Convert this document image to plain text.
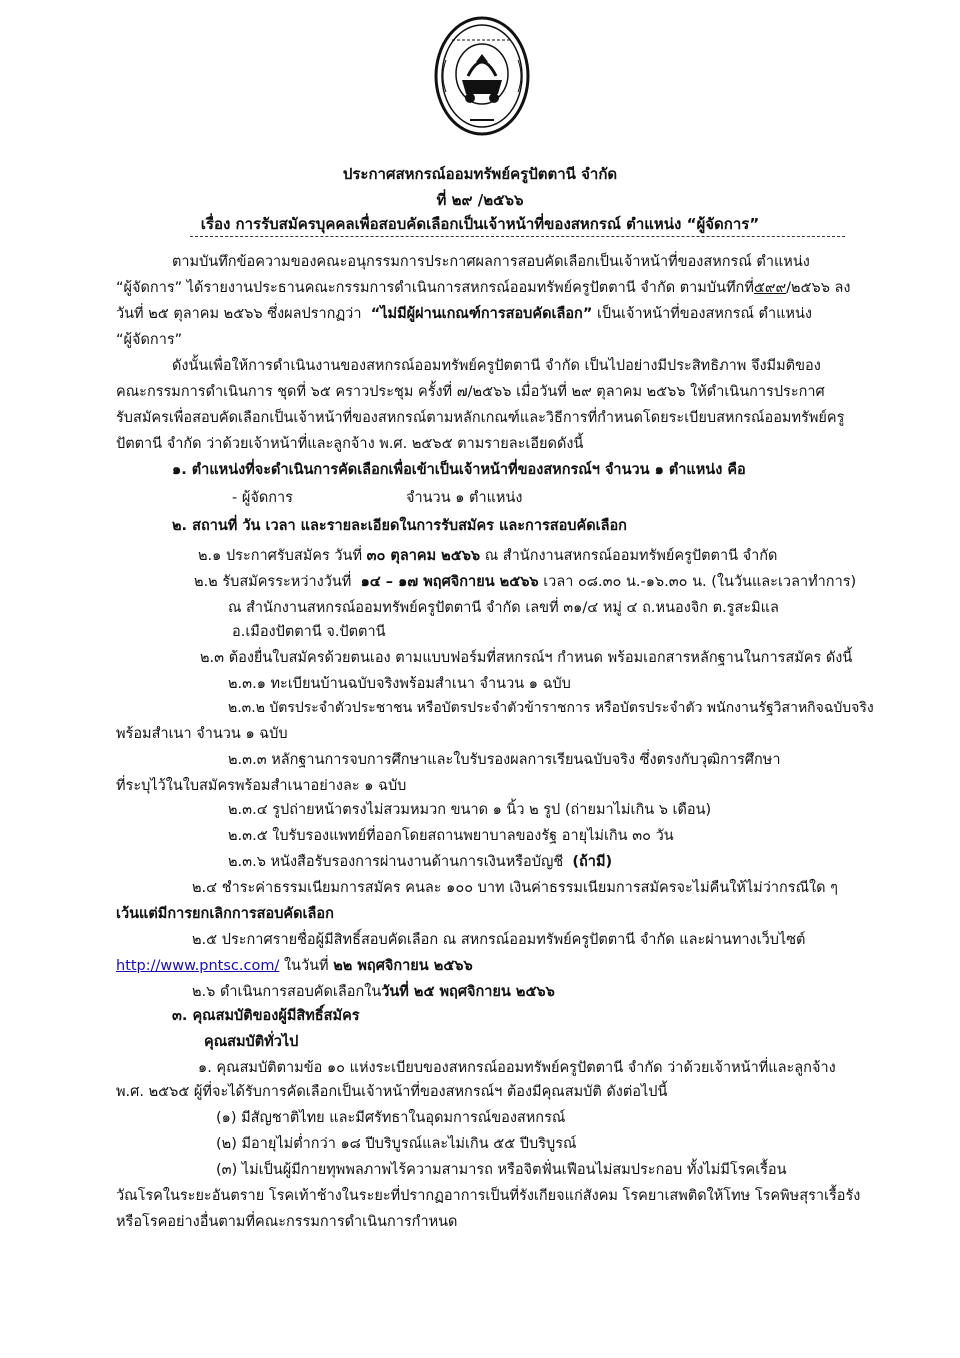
ประกาศสหกรณ์ออมทรัพย์ครูปัตตานี จำกัด
ที่ ๒๙ /๒๕๖๖
เรื่อง การรับสมัครบุคคลเพื่อสอบคัดเลือกเป็นเจ้าหน้าที่ของสหกรณ์ ตำแหน่ง “ผู้จัดการ”
ตามบันทึกข้อความของคณะอนุกรรมการประกาศผลการสอบคัดเลือกเป็นเจ้าหน้าที่ของสหกรณ์ ตำแหน่ง
“ผู้จัดการ” ได้รายงานประธานคณะกรรมการดำเนินการสหกรณ์ออมทรัพย์ครูปัตตานี จำกัด ตามบันทึกที่๕๙๙/๒๕๖๖ ลง
วันที่ ๒๕ ตุลาคม ๒๕๖๖ ซึ่งผลปรากฏว่า “ไม่มีผู้ผ่านเกณฑ์การสอบคัดเลือก” เป็นเจ้าหน้าที่ของสหกรณ์ ตำแหน่ง
“ผู้จัดการ”
ดังนั้นเพื่อให้การดำเนินงานของสหกรณ์ออมทรัพย์ครูปัตตานี จำกัด เป็นไปอย่างมีประสิทธิภาพ จึงมีมติของ
คณะกรรมการดำเนินการ ชุดที่ ๖๕ คราวประชุม ครั้งที่ ๗/๒๕๖๖ เมื่อวันที่ ๒๙ ตุลาคม ๒๕๖๖ ให้ดำเนินการประกาศ
รับสมัครเพื่อสอบคัดเลือกเป็นเจ้าหน้าที่ของสหกรณ์ตามหลักเกณฑ์และวิธีการที่กำหนดโดยระเบียบสหกรณ์ออมทรัพย์ครู
ปัตตานี จำกัด ว่าด้วยเจ้าหน้าที่และลูกจ้าง พ.ศ. ๒๕๖๕ ตามรายละเอียดดังนี้
๑. ตำแหน่งที่จะดำเนินการคัดเลือกเพื่อเข้าเป็นเจ้าหน้าที่ของสหกรณ์ฯ จำนวน ๑ ตำแหน่ง คือ
- ผู้จัดการ	จำนวน ๑ ตำแหน่ง
๒. สถานที่ วัน เวลา และรายละเอียดในการรับสมัคร และการสอบคัดเลือก
๒.๑ ประกาศรับสมัคร วันที่ ๓๐ ตุลาคม ๒๕๖๖ ณ สำนักงานสหกรณ์ออมทรัพย์ครูปัตตานี จำกัด
๒.๒ รับสมัครระหว่างวันที่ ๑๔ – ๑๗ พฤศจิกายน ๒๕๖๖ เวลา ๐๘.๓๐ น.-๑๖.๓๐ น. (ในวันและเวลาทำการ)
ณ สำนักงานสหกรณ์ออมทรัพย์ครูปัตตานี จำกัด เลขที่ ๓๑/๔ หมู่ ๔ ถ.หนองจิก ต.รูสะมิแล
อ.เมืองปัตตานี จ.ปัตตานี
๒.๓ ต้องยื่นใบสมัครด้วยตนเอง ตามแบบฟอร์มที่สหกรณ์ฯ กำหนด พร้อมเอกสารหลักฐานในการสมัคร ดังนี้
๒.๓.๑ ทะเบียนบ้านฉบับจริงพร้อมสำเนา จำนวน ๑ ฉบับ
๒.๓.๒ บัตรประจำตัวประชาชน หรือบัตรประจำตัวข้าราชการ หรือบัตรประจำตัว พนักงานรัฐวิสาหกิจฉบับจริง
พร้อมสำเนา จำนวน ๑ ฉบับ
๒.๓.๓ หลักฐานการจบการศึกษาและใบรับรองผลการเรียนฉบับจริง ซึ่งตรงกับวุฒิการศึกษา
ที่ระบุไว้ในใบสมัครพร้อมสำเนาอย่างละ ๑ ฉบับ
๒.๓.๔ รูปถ่ายหน้าตรงไม่สวมหมวก ขนาด ๑ นิ้ว ๒ รูป (ถ่ายมาไม่เกิน ๖ เดือน)
๒.๓.๕ ใบรับรองแพทย์ที่ออกโดยสถานพยาบาลของรัฐ อายุไม่เกิน ๓๐ วัน
๒.๓.๖ หนังสือรับรองการผ่านงานด้านการเงินหรือบัญชี (ถ้ามี)
๒.๔ ชำระค่าธรรมเนียมการสมัคร คนละ ๑๐๐ บาท เงินค่าธรรมเนียมการสมัครจะไม่คืนให้ไม่ว่ากรณีใด ๆ
เว้นแต่มีการยกเลิกการสอบคัดเลือก
๒.๕ ประกาศรายชื่อผู้มีสิทธิ์สอบคัดเลือก ณ สหกรณ์ออมทรัพย์ครูปัตตานี จำกัด และผ่านทางเว็บไซต์
http://www.pntsc.com/ ในวันที่ ๒๒ พฤศจิกายน ๒๕๖๖
๒.๖ ดำเนินการสอบคัดเลือกในวันที่ ๒๕ พฤศจิกายน ๒๕๖๖
๓. คุณสมบัติของผู้มีสิทธิ์สมัคร
คุณสมบัติทั่วไป
๑. คุณสมบัติตามข้อ ๑๐ แห่งระเบียบของสหกรณ์ออมทรัพย์ครูปัตตานี จำกัด ว่าด้วยเจ้าหน้าที่และลูกจ้าง
พ.ศ. ๒๕๖๕ ผู้ที่จะได้รับการคัดเลือกเป็นเจ้าหน้าที่ของสหกรณ์ฯ ต้องมีคุณสมบัติ ดังต่อไปนี้
(๑) มีสัญชาติไทย และมีศรัทธาในอุดมการณ์ของสหกรณ์
(๒) มีอายุไม่ต่ำกว่า ๑๘ ปีบริบูรณ์และไม่เกิน ๕๕ ปีบริบูรณ์
(๓) ไม่เป็นผู้มีกายทุพพลภาพไร้ความสามารถ หรือจิตฟั่นเฟือนไม่สมประกอบ ทั้งไม่มีโรคเรื้อน
วัณโรคในระยะอันตราย โรคเท้าช้างในระยะที่ปรากฏอาการเป็นที่รังเกียจแก่สังคม โรคยาเสพติดให้โทษ โรคพิษสุราเรื้อรัง
หรือโรคอย่างอื่นตามที่คณะกรรมการดำเนินการกำหนด
